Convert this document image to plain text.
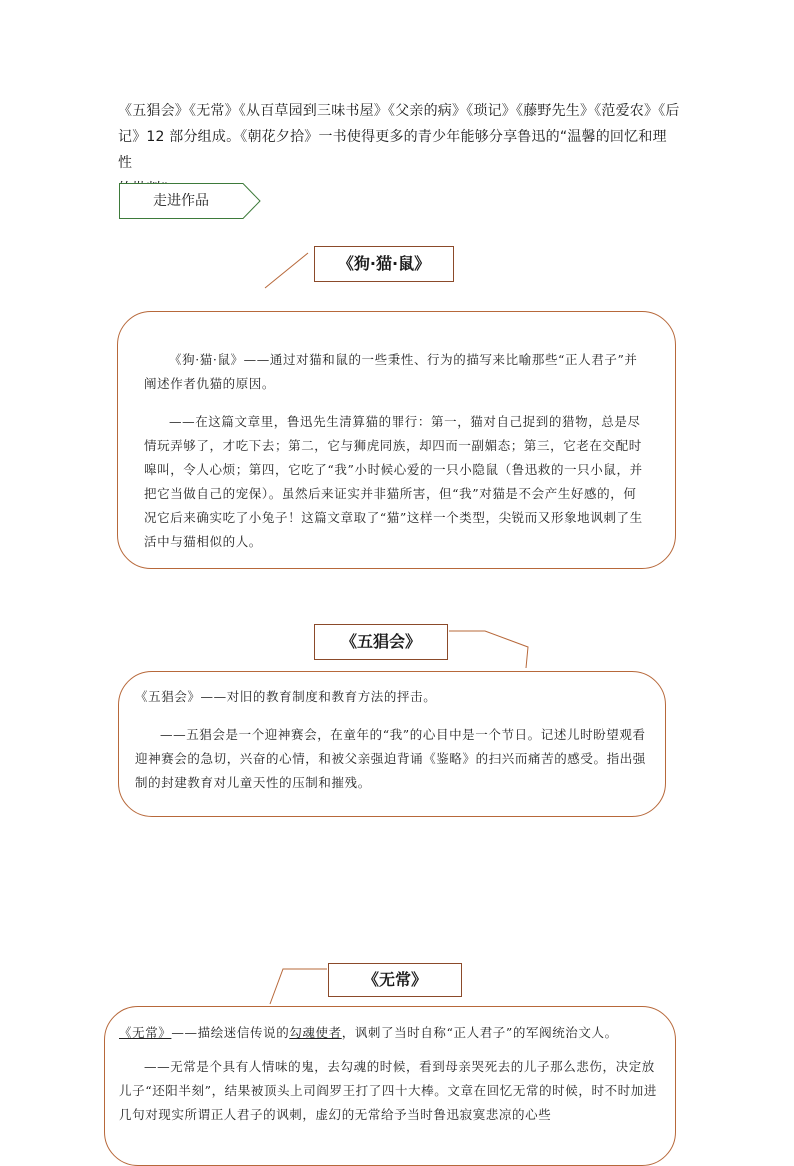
《五猖会》《无常》《从百草园到三味书屋》《父亲的病》《琐记》《藤野先生》《范爱农》《后
记》12 部分组成。《朝花夕拾》一书使得更多的青少年能够分享鲁迅的“温馨的回忆和理性
走进作品
《狗·猫·鼠》

《狗·猫·鼠》——通过对猫和鼠的一些秉性、行为的描写来比喻那些“正人君子”并阐述作者仇猫的原因。

——在这篇文章里，鲁迅先生清算猫的罪行：第一，猫对自己捉到的猎物，总是尽情玩弄够了，才吃下去；第二，它与狮虎同族，却四而一副媚态；第三，它老在交配时嗥叫，令人心烦；第四，它吃了“我”小时候心爱的一只小隐鼠（鲁迅救的一只小鼠，并把它当做自己的宠保）。虽然后来证实并非猫所害，但“我”对猫是不会产生好感的，何况它后来确实吃了小兔子！这篇文章取了“猫”这样一个类型，尖锐而又形象地讽刺了生活中与猫相似的人。

《五猖会》

《五猖会》——对旧的教育制度和教育方法的抨击。

——五猖会是一个迎神赛会，在童年的“我”的心目中是一个节日。记述儿时盼望观看迎神赛会的急切，兴奋的心情，和被父亲强迫背诵《鉴略》的扫兴而痛苦的感受。指出强制的封建教育对儿童天性的压制和摧残。

《无常》

《无常》——描绘迷信传说的勾魂使者，讽刺了当时自称“正人君子”的军阀统治文人。

——无常是个具有人情味的鬼，去勾魂的时候，看到母亲哭死去的儿子那么悲伤，决定放儿子“还阳半刻”，结果被顶头上司阎罗王打了四十大棒。文章在回忆无常的时候，时不时加进几句对现实所谓正人君子的讽刺，虚幻的无常给予当时鲁迅寂寞悲凉的心些
